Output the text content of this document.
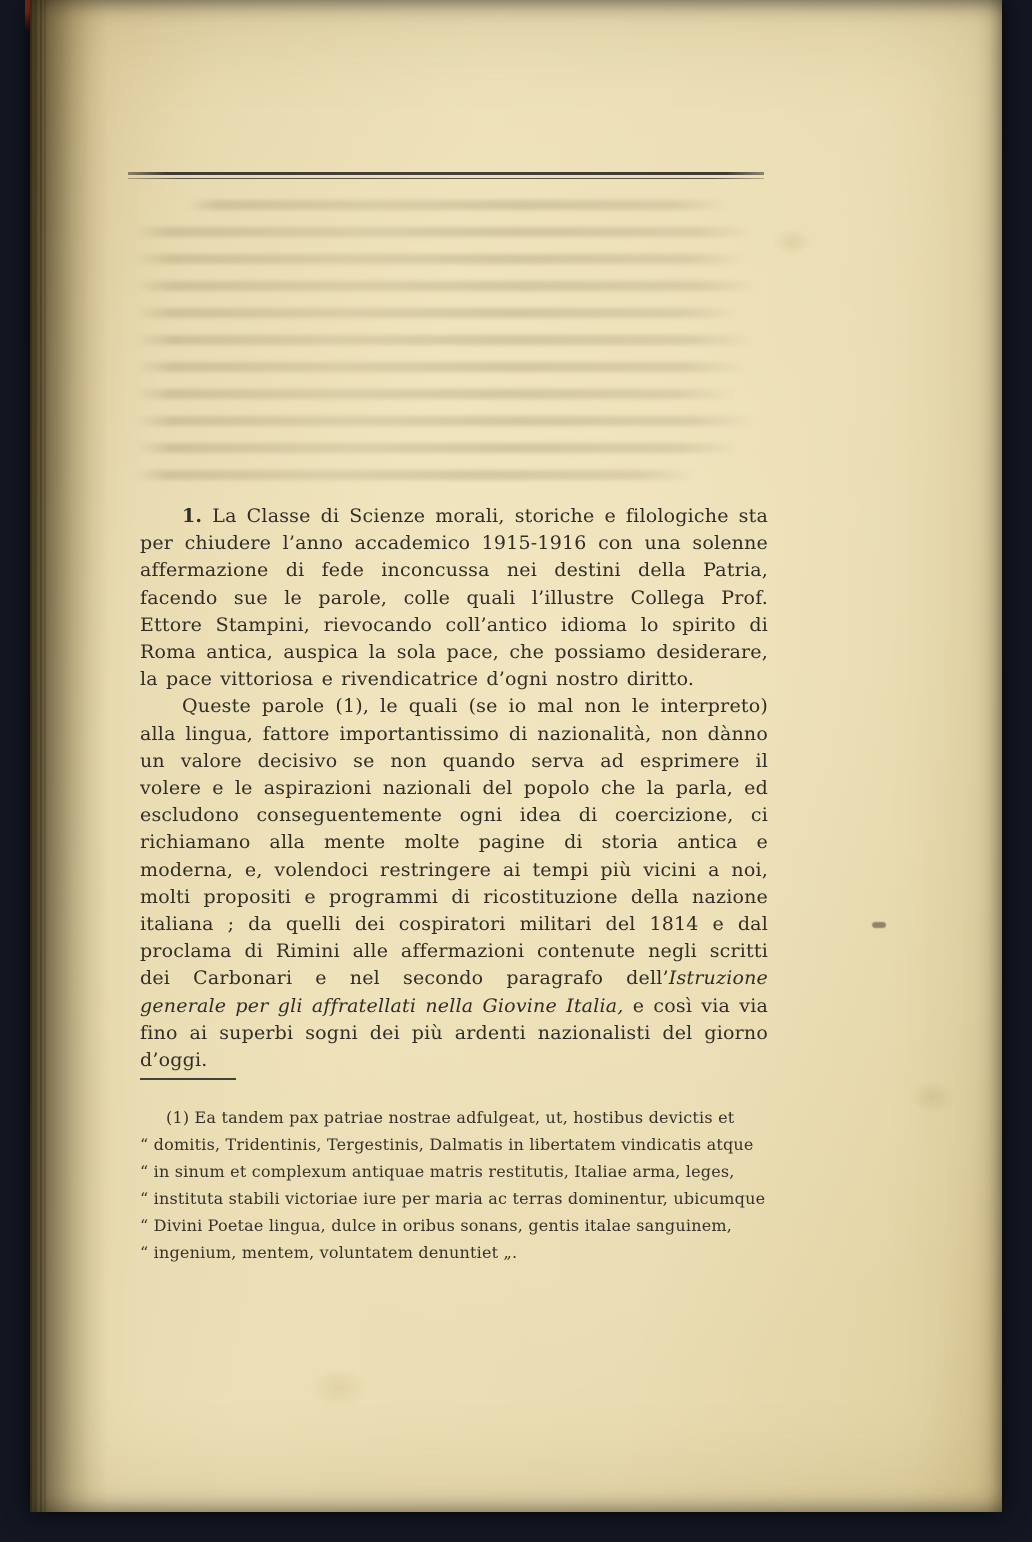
1. La Classe di Scienze morali, storiche e filologiche sta per chiudere l’anno accademico 1915-1916 con una solenne affermazione di fede inconcussa nei destini della Patria, facendo sue le parole, colle quali l’illustre Collega Prof. Ettore Stampini, rievocando coll’antico idioma lo spirito di Roma antica, auspica la sola pace, che possiamo desiderare, la pace vittoriosa e rivendicatrice d’ogni nostro diritto.

Queste parole (1), le quali (se io mal non le interpreto) alla lingua, fattore importantissimo di nazionalità, non dànno un valore decisivo se non quando serva ad esprimere il volere e le aspirazioni nazionali del popolo che la parla, ed escludono conseguentemente ogni idea di coercizione, ci richiamano alla mente molte pagine di storia antica e moderna, e, volendoci restringere ai tempi più vicini a noi, molti propositi e programmi di ricostituzione della nazione italiana ; da quelli dei cospiratori militari del 1814 e dal proclama di Rimini alle affermazioni contenute negli scritti dei Carbonari e nel secondo paragrafo dell’Istruzione generale per gli affratellati nella Giovine Italia, e così via via fino ai superbi sogni dei più ardenti nazionalisti del giorno d’oggi.

(1) Ea tandem pax patriae nostrae adfulgeat, ut, hostibus devictis et
“ domitis, Tridentinis, Tergestinis, Dalmatis in libertatem vindicatis atque
“ in sinum et complexum antiquae matris restitutis, Italiae arma, leges,
“ instituta stabili victoriae iure per maria ac terras dominentur, ubicumque
“ Divini Poetae lingua, dulce in oribus sonans, gentis italae sanguinem,
“ ingenium, mentem, voluntatem denuntiet „.
